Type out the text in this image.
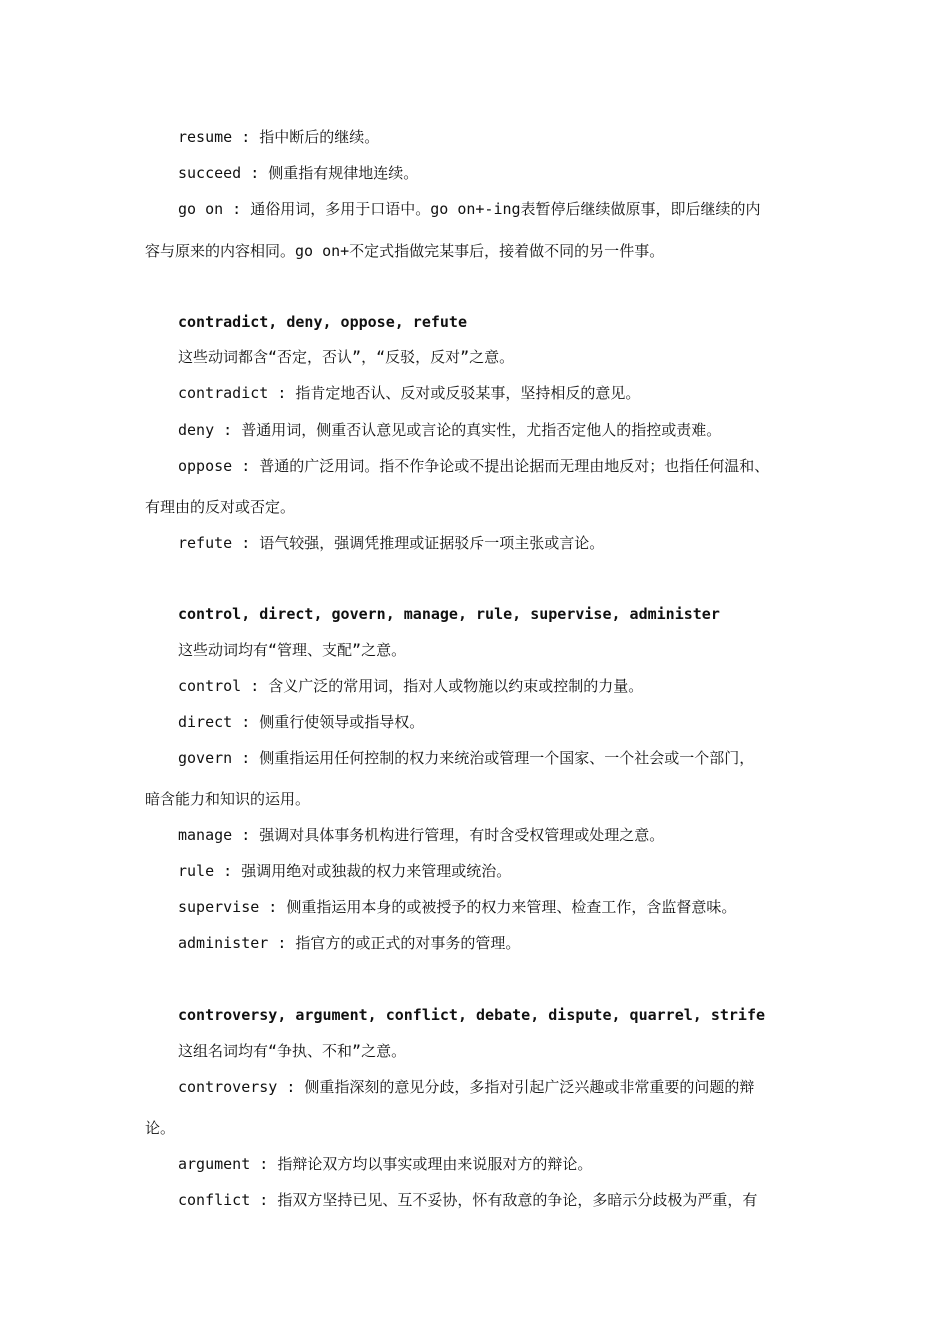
resume : 指中断后的继续。
succeed : 侧重指有规律地连续。
go on : 通俗用词，多用于口语中。go on+-ing表暂停后继续做原事，即后继续的内
容与原来的内容相同。go on+不定式指做完某事后，接着做不同的另一件事。
contradict, deny, oppose, refute
这些动词都含“否定，否认”，“反驳，反对”之意。
contradict : 指肯定地否认、反对或反驳某事，坚持相反的意见。
deny : 普通用词，侧重否认意见或言论的真实性，尤指否定他人的指控或责难。
oppose : 普通的广泛用词。指不作争论或不提出论据而无理由地反对；也指任何温和、
有理由的反对或否定。
refute : 语气较强，强调凭推理或证据驳斥一项主张或言论。
control, direct, govern, manage, rule, supervise, administer
这些动词均有“管理、支配”之意。
control : 含义广泛的常用词，指对人或物施以约束或控制的力量。
direct : 侧重行使领导或指导权。
govern : 侧重指运用任何控制的权力来统治或管理一个国家、一个社会或一个部门，
暗含能力和知识的运用。
manage : 强调对具体事务机构进行管理，有时含受权管理或处理之意。
rule : 强调用绝对或独裁的权力来管理或统治。
supervise : 侧重指运用本身的或被授予的权力来管理、检查工作，含监督意味。
administer : 指官方的或正式的对事务的管理。
controversy, argument, conflict, debate, dispute, quarrel, strife
这组名词均有“争执、不和”之意。
controversy : 侧重指深刻的意见分歧，多指对引起广泛兴趣或非常重要的问题的辩
论。
argument : 指辩论双方均以事实或理由来说服对方的辩论。
conflict : 指双方坚持已见、互不妥协，怀有敌意的争论，多暗示分歧极为严重，有
